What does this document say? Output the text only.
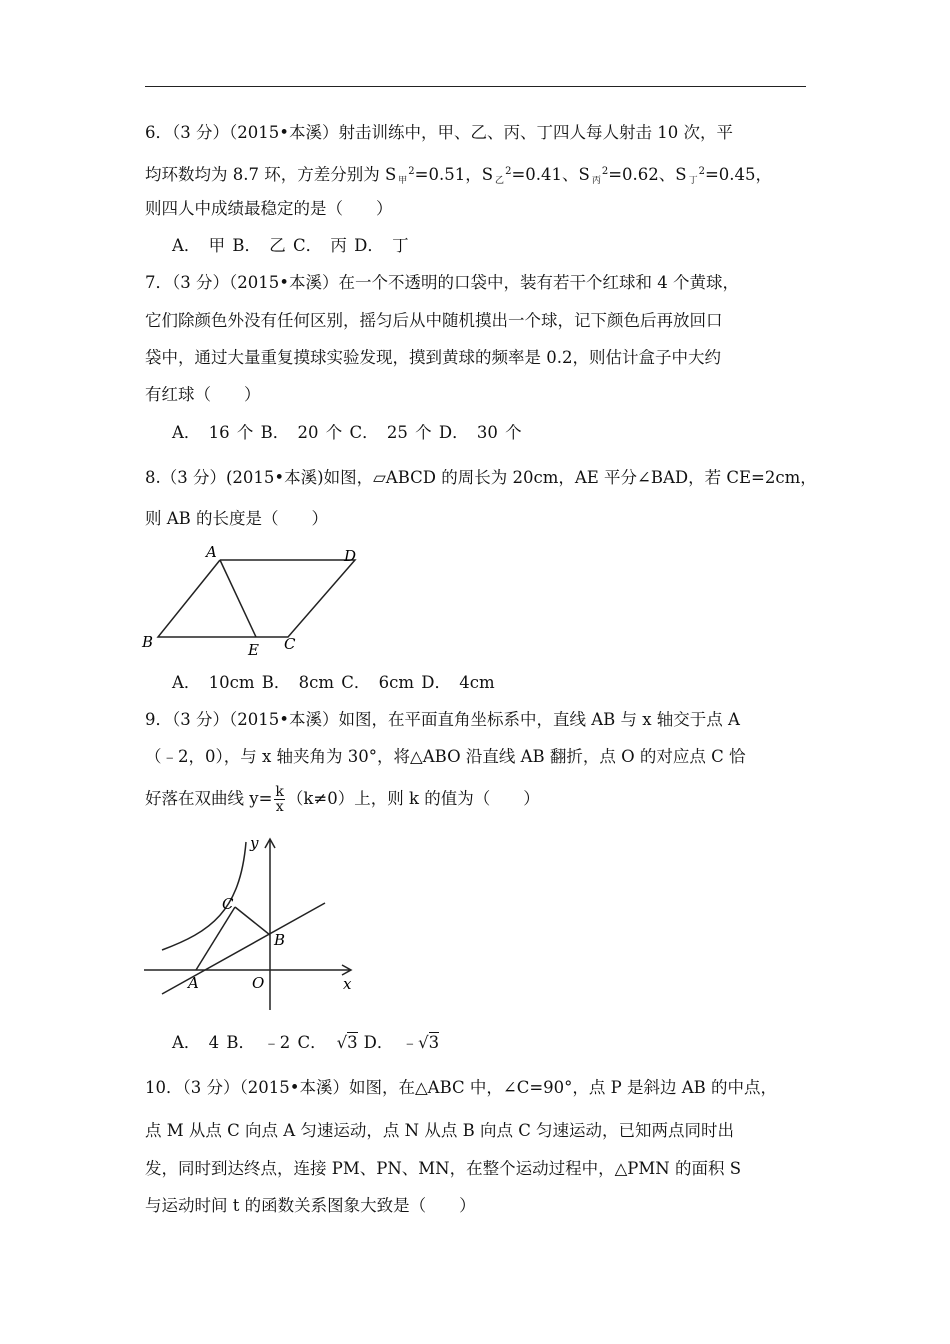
6．（3 分）（2015•本溪）射击训练中，甲、乙、丙、丁四人每人射击 10 次，平
均环数均为 8.7 环，方差分别为 S $_甲^2$=0.51，S $_乙^2$=0.41、S $_丙^2$=0.62、S $_丁^2$=0.45，
则四人中成绩最稳定的是（　　）
A．　甲 B．　乙 C．　丙 D．　丁
7．（3 分）（2015•本溪）在一个不透明的口袋中，装有若干个红球和 4 个黄球，
它们除颜色外没有任何区别，摇匀后从中随机摸出一个球，记下颜色后再放回口
袋中，通过大量重复摸球实验发现，摸到黄球的频率是 0.2，则估计盒子中大约
有红球（　　）
A．　16 个 B．　20 个 C．　25 个 D．　30 个
8.（3 分）(2015•本溪)如图，▱ABCD 的周长为 20cm，AE 平分∠BAD，若 CE=2cm，
则 AB 的长度是（　　）
A	D
B	E C
A．　10cm B．　8cm C．　6cm D．　4cm
9．（3 分）（2015•本溪）如图，在平面直角坐标系中，直线 AB 与 x 轴交于点 A
（﹣2，0），与 x 轴夹角为 30°，将△ABO 沿直线 AB 翻折，点 O 的对应点 C 恰
好落在双曲线 $y= \frac{k}{x} (k\ne 0)$上，则 k 的值为（　　）
y
C
B
A	O	x
A．　4 B．　﹣2 C． √3 D．　﹣√3
10．（3 分）（2015•本溪）如图，在△ABC 中，∠C=90°，点 P 是斜边 AB 的中点，
点 M 从点 C 向点 A 匀速运动，点 N 从点 B 向点 C 匀速运动，已知两点同时出
发，同时到达终点，连接 PM、PN、MN，在整个运动过程中，△PMN 的面积 S
与运动时间 t 的函数关系图象大致是（　　）
